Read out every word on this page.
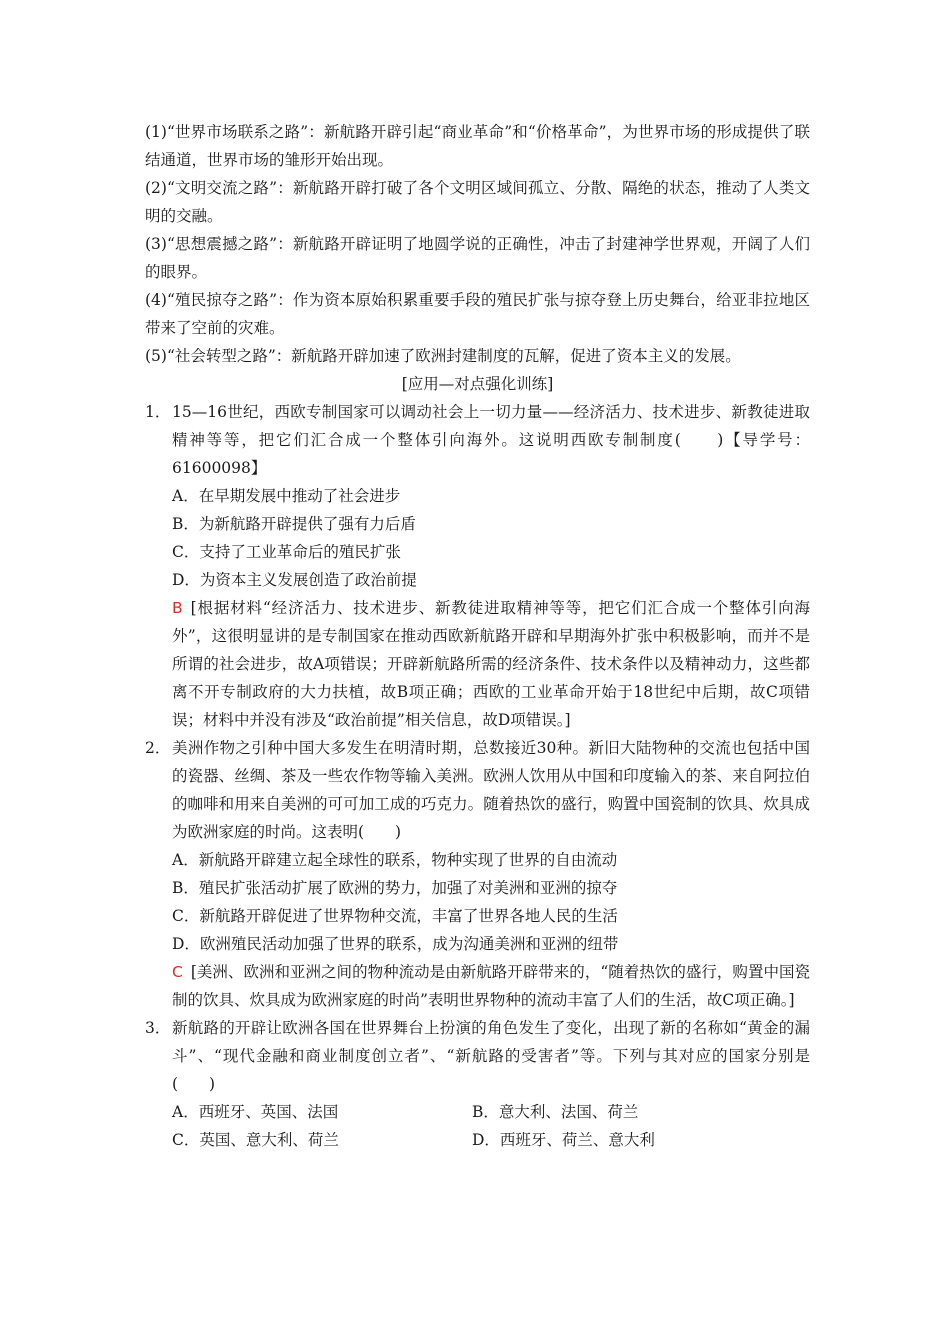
(1)“世界市场联系之路”：新航路开辟引起“商业革命”和“价格革命”，为世界市场的形成提供了联结通道，世界市场的雏形开始出现。

(2)“文明交流之路”：新航路开辟打破了各个文明区域间孤立、分散、隔绝的状态，推动了人类文明的交融。

(3)“思想震撼之路”：新航路开辟证明了地圆学说的正确性，冲击了封建神学世界观，开阔了人们的眼界。

(4)“殖民掠夺之路”：作为资本原始积累重要手段的殖民扩张与掠夺登上历史舞台，给亚非拉地区带来了空前的灾难。

(5)“社会转型之路”：新航路开辟加速了欧洲封建制度的瓦解，促进了资本主义的发展。

[应用—对点强化训练]

1． 15—16世纪，西欧专制国家可以调动社会上一切力量——经济活力、技术进步、新教徒进取精神等等，把它们汇合成一个整体引向海外。这说明西欧专制制度(　　)【导学号：61600098】

A．在早期发展中推动了社会进步

B．为新航路开辟提供了强有力后盾

C．支持了工业革命后的殖民扩张

D．为资本主义发展创造了政治前提

B [根据材料“经济活力、技术进步、新教徒进取精神等等，把它们汇合成一个整体引向海外”，这很明显讲的是专制国家在推动西欧新航路开辟和早期海外扩张中积极影响，而并不是所谓的社会进步，故A项错误；开辟新航路所需的经济条件、技术条件以及精神动力，这些都离不开专制政府的大力扶植，故B项正确；西欧的工业革命开始于18世纪中后期，故C项错误；材料中并没有涉及“政治前提”相关信息，故D项错误。]

2． 美洲作物之引种中国大多发生在明清时期，总数接近30种。新旧大陆物种的交流也包括中国的瓷器、丝绸、茶及一些农作物等输入美洲。欧洲人饮用从中国和印度输入的茶、来自阿拉伯的咖啡和用来自美洲的可可加工成的巧克力。随着热饮的盛行，购置中国瓷制的饮具、炊具成为欧洲家庭的时尚。这表明(　　)

A．新航路开辟建立起全球性的联系，物种实现了世界的自由流动

B．殖民扩张活动扩展了欧洲的势力，加强了对美洲和亚洲的掠夺

C．新航路开辟促进了世界物种交流，丰富了世界各地人民的生活

D．欧洲殖民活动加强了世界的联系，成为沟通美洲和亚洲的纽带

C [美洲、欧洲和亚洲之间的物种流动是由新航路开辟带来的，“随着热饮的盛行，购置中国瓷制的饮具、炊具成为欧洲家庭的时尚”表明世界物种的流动丰富了人们的生活，故C项正确。]

3． 新航路的开辟让欧洲各国在世界舞台上扮演的角色发生了变化，出现了新的名称如“黄金的漏斗”、“现代金融和商业制度创立者”、“新航路的受害者”等。下列与其对应的国家分别是(　　)
A．西班牙、英国、法国	B．意大利、法国、荷兰
C．英国、意大利、荷兰	D．西班牙、荷兰、意大利
